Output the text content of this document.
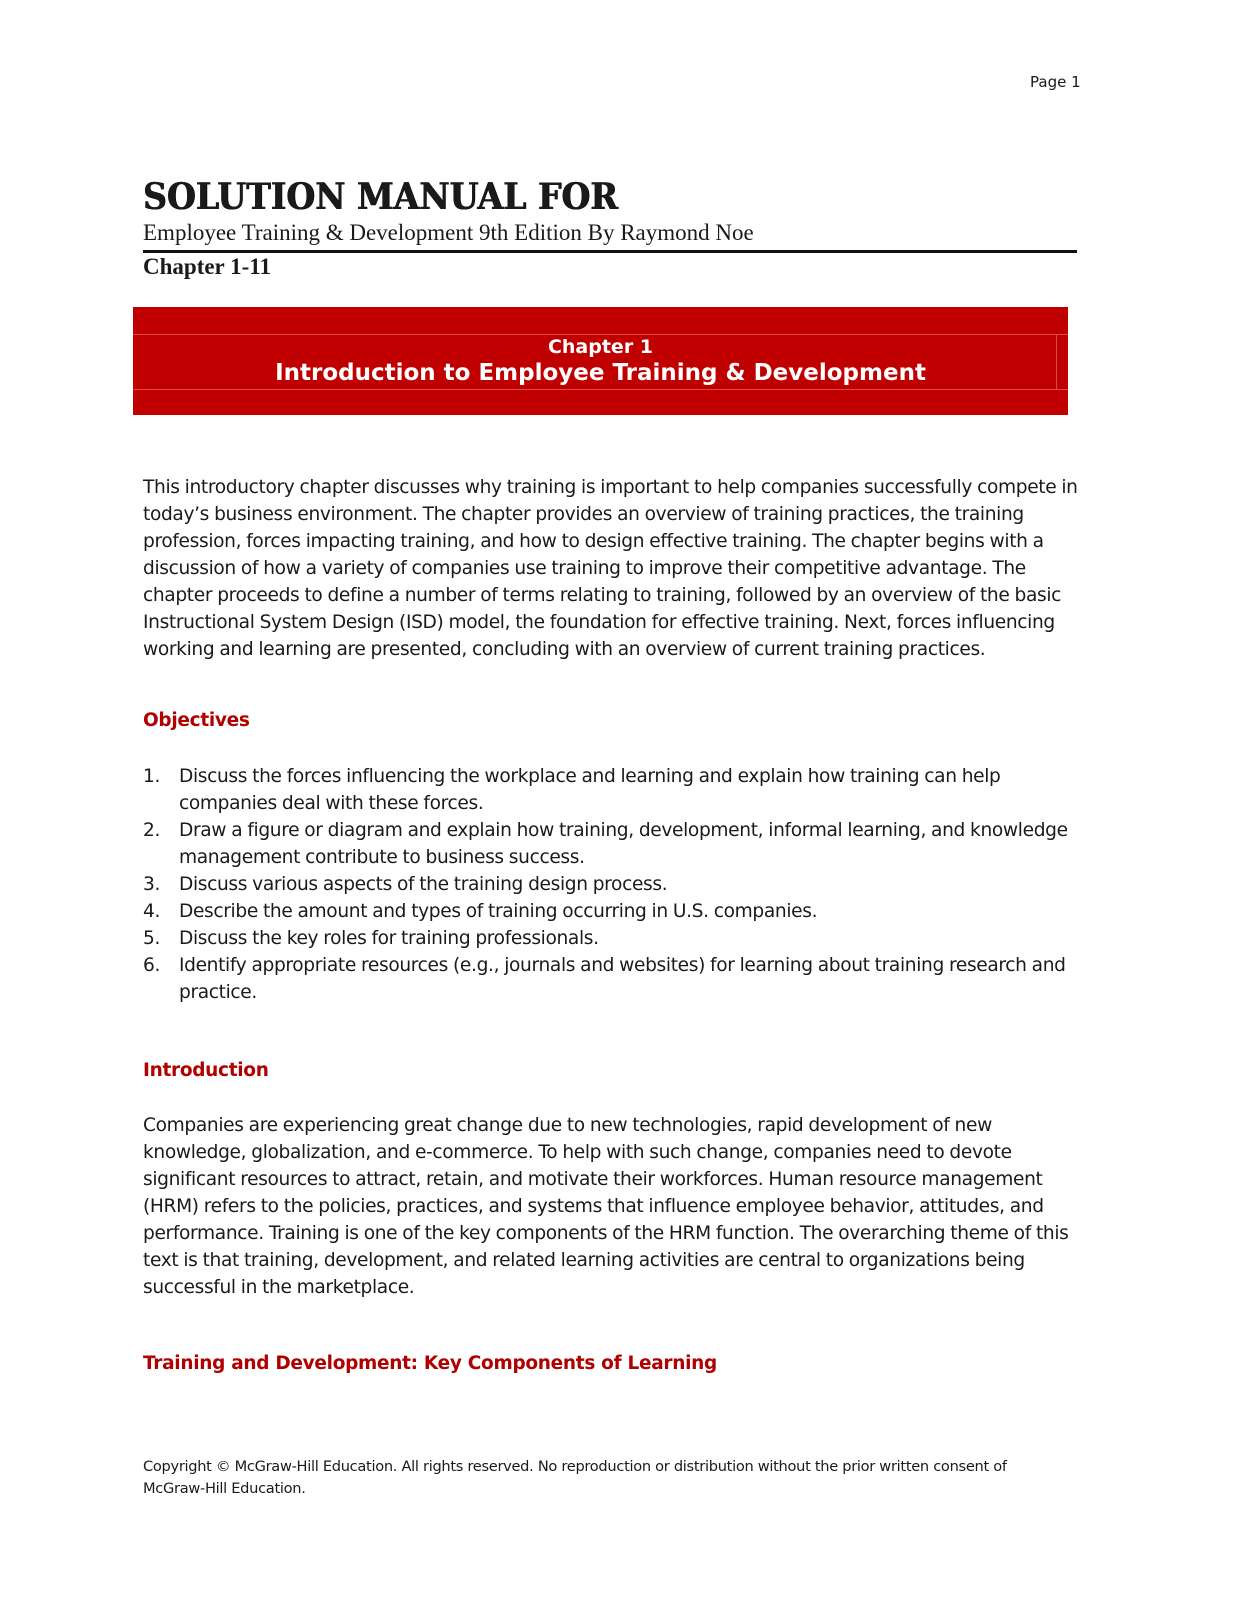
Page 1
SOLUTION MANUAL FOR
Employee Training & Development 9th Edition By Raymond Noe
Chapter 1-11
Chapter 1
Introduction to Employee Training & Development
This introductory chapter discusses why training is important to help companies successfully compete in today’s business environment. The chapter provides an overview of training practices, the training profession, forces impacting training, and how to design effective training. The chapter begins with a discussion of how a variety of companies use training to improve their competitive advantage. The chapter proceeds to define a number of terms relating to training, followed by an overview of the basic Instructional System Design (ISD) model, the foundation for effective training. Next, forces influencing working and learning are presented, concluding with an overview of current training practices.
Objectives
1. Discuss the forces influencing the workplace and learning and explain how training can help companies deal with these forces.
2. Draw a figure or diagram and explain how training, development, informal learning, and knowledge management contribute to business success.
3. Discuss various aspects of the training design process.
4. Describe the amount and types of training occurring in U.S. companies.
5. Discuss the key roles for training professionals.
6. Identify appropriate resources (e.g., journals and websites) for learning about training research and practice.
Introduction
Companies are experiencing great change due to new technologies, rapid development of new knowledge, globalization, and e-commerce. To help with such change, companies need to devote significant resources to attract, retain, and motivate their workforces. Human resource management (HRM) refers to the policies, practices, and systems that influence employee behavior, attitudes, and performance. Training is one of the key components of the HRM function. The overarching theme of this text is that training, development, and related learning activities are central to organizations being successful in the marketplace.
Training and Development: Key Components of Learning
Copyright © McGraw-Hill Education. All rights reserved. No reproduction or distribution without the prior written consent of McGraw-Hill Education.
